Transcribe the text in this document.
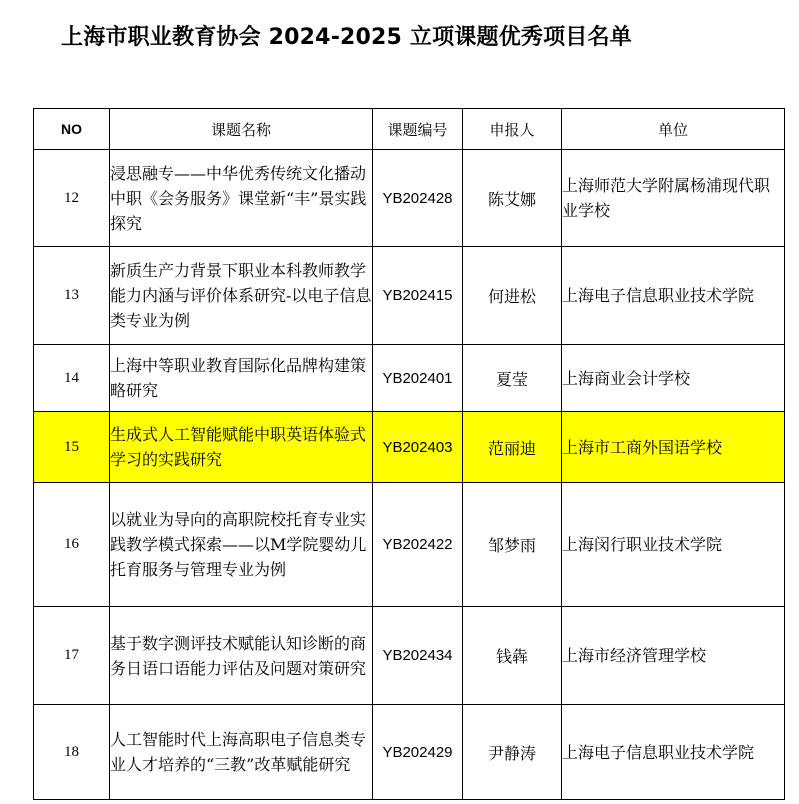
上海市职业教育协会 2024-2025 立项课题优秀项目名单
NO	课题名称	课题编号	申报人	单位
12	浸思融专——中华优秀传统文化播动中职《会务服务》课堂新“丰”景实践探究	YB202428	陈艾娜	上海师范大学附属杨浦现代职业学校
13	新质生产力背景下职业本科教师教学能力内涵与评价体系研究-以电子信息类专业为例	YB202415	何进松	上海电子信息职业技术学院
14	上海中等职业教育国际化品牌构建策略研究	YB202401	夏莹	上海商业会计学校
15	生成式人工智能赋能中职英语体验式学习的实践研究	YB202403	范丽迪	上海市工商外国语学校
16	以就业为导向的高职院校托育专业实践教学模式探索——以M学院婴幼儿托育服务与管理专业为例	YB202422	邹梦雨	上海闵行职业技术学院
17	基于数字测评技术赋能认知诊断的商务日语口语能力评估及问题对策研究	YB202434	钱犇	上海市经济管理学校
18	人工智能时代上海高职电子信息类专业人才培养的“三教”改革赋能研究	YB202429	尹静涛	上海电子信息职业技术学院
